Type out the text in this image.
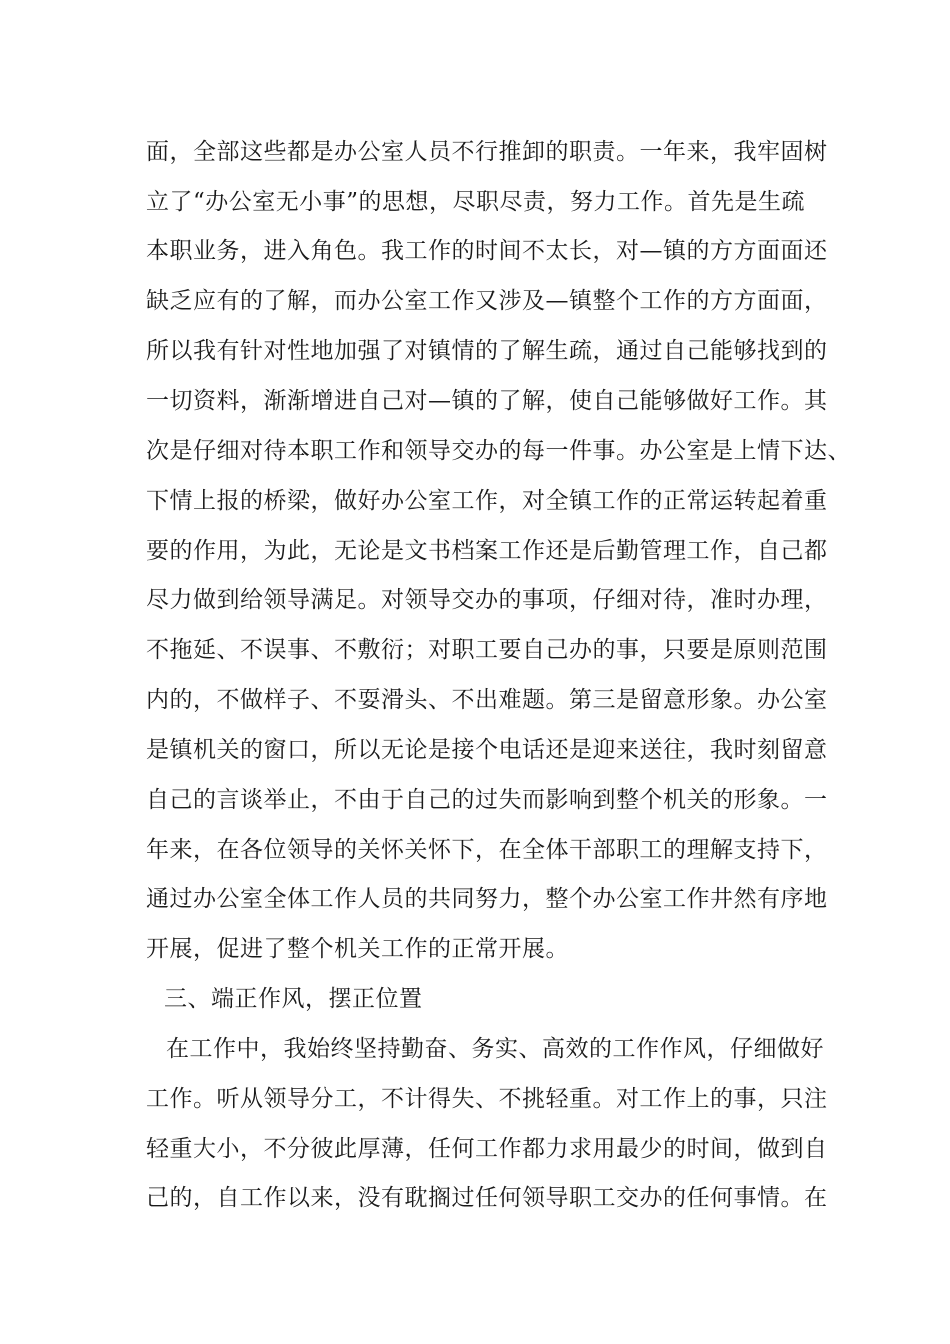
面，全部这些都是办公室人员不行推卸的职责。一年来，我牢固树
立了“办公室无小事”的思想，尽职尽责，努力工作。首先是生疏
本职业务，进入角色。我工作的时间不太长，对—镇的方方面面还
缺乏应有的了解，而办公室工作又涉及—镇整个工作的方方面面，
所以我有针对性地加强了对镇情的了解生疏，通过自己能够找到的
一切资料，渐渐增进自己对—镇的了解，使自己能够做好工作。其
次是仔细对待本职工作和领导交办的每一件事。办公室是上情下达、
下情上报的桥梁，做好办公室工作，对全镇工作的正常运转起着重
要的作用，为此，无论是文书档案工作还是后勤管理工作，自己都
尽力做到给领导满足。对领导交办的事项，仔细对待，准时办理，
不拖延、不误事、不敷衍；对职工要自己办的事，只要是原则范围
内的，不做样子、不耍滑头、不出难题。第三是留意形象。办公室
是镇机关的窗口，所以无论是接个电话还是迎来送往，我时刻留意
自己的言谈举止，不由于自己的过失而影响到整个机关的形象。一
年来，在各位领导的关怀关怀下，在全体干部职工的理解支持下，
通过办公室全体工作人员的共同努力，整个办公室工作井然有序地
开展，促进了整个机关工作的正常开展。
三、端正作风，摆正位置
在工作中，我始终坚持勤奋、务实、高效的工作作风，仔细做好
工作。听从领导分工，不计得失、不挑轻重。对工作上的事，只注
轻重大小，不分彼此厚薄，任何工作都力求用最少的时间，做到自
己的，自工作以来，没有耽搁过任何领导职工交办的任何事情。在
